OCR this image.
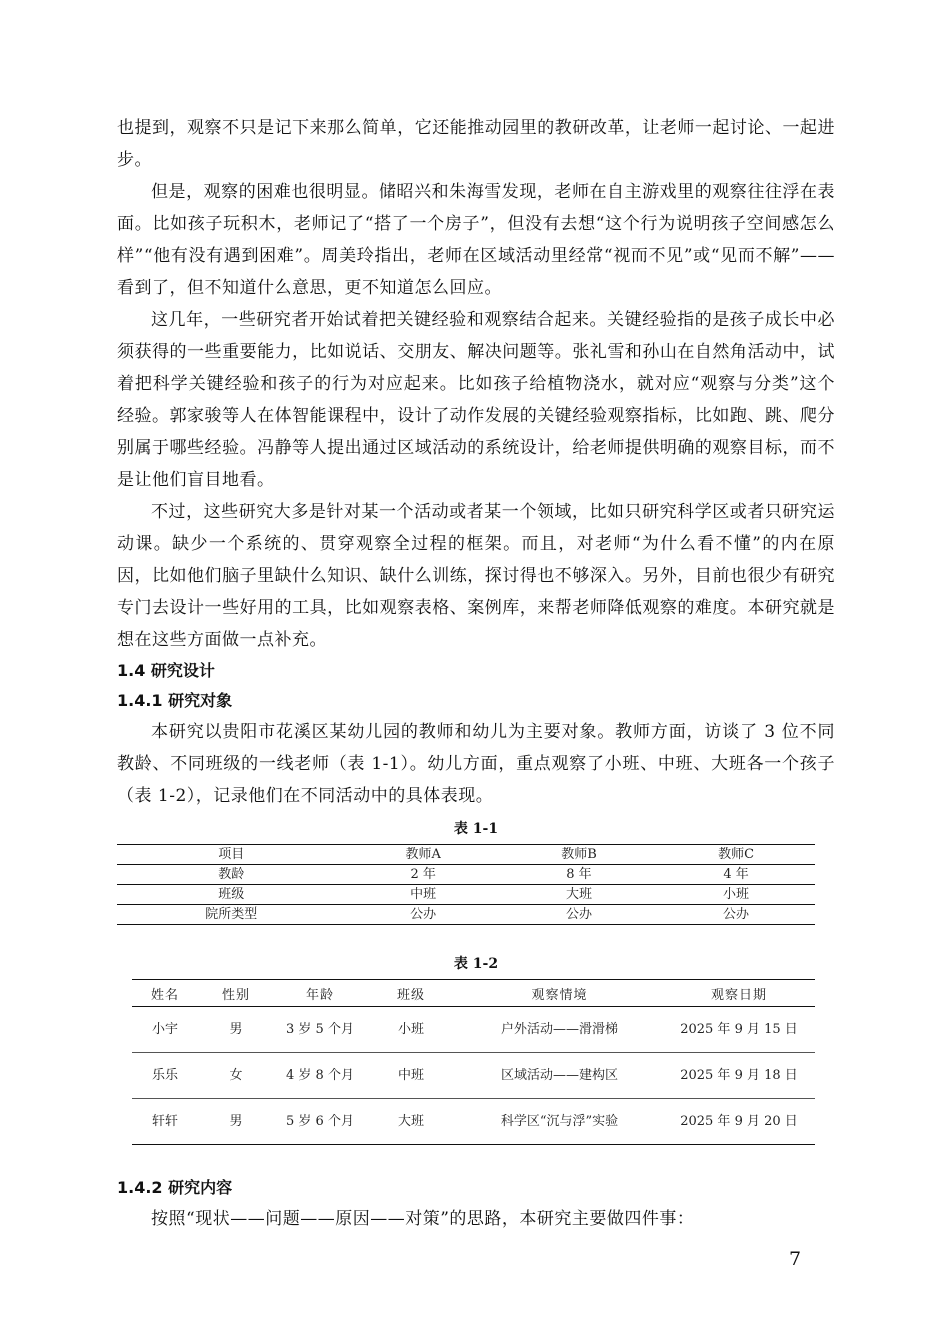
也提到，观察不只是记下来那么简单，它还能推动园里的教研改革，让老师一起讨论、一起进步。

但是，观察的困难也很明显。储昭兴和朱海雪发现，老师在自主游戏里的观察往往浮在表面。比如孩子玩积木，老师记了“搭了一个房子”，但没有去想“这个行为说明孩子空间感怎么样”“他有没有遇到困难”。周美玲指出，老师在区域活动里经常“视而不见”或“见而不解”——看到了，但不知道什么意思，更不知道怎么回应。

这几年，一些研究者开始试着把关键经验和观察结合起来。关键经验指的是孩子成长中必须获得的一些重要能力，比如说话、交朋友、解决问题等。张礼雪和孙山在自然角活动中，试着把科学关键经验和孩子的行为对应起来。比如孩子给植物浇水，就对应“观察与分类”这个经验。郭家骏等人在体智能课程中，设计了动作发展的关键经验观察指标，比如跑、跳、爬分别属于哪些经验。冯静等人提出通过区域活动的系统设计，给老师提供明确的观察目标，而不是让他们盲目地看。

不过，这些研究大多是针对某一个活动或者某一个领域，比如只研究科学区或者只研究运动课。缺少一个系统的、贯穿观察全过程的框架。而且，对老师“为什么看不懂”的内在原因，比如他们脑子里缺什么知识、缺什么训练，探讨得也不够深入。另外，目前也很少有研究专门去设计一些好用的工具，比如观察表格、案例库，来帮老师降低观察的难度。本研究就是想在这些方面做一点补充。

1.4 研究设计
1.4.1 研究对象

本研究以贵阳市花溪区某幼儿园的教师和幼儿为主要对象。教师方面，访谈了 3 位不同教龄、不同班级的一线老师（表 1-1）。幼儿方面，重点观察了小班、中班、大班各一个孩子（表 1-2），记录他们在不同活动中的具体表现。

表 1-1
项目	教师A	教师B	教师C
教龄	2 年	8 年	4 年
班级	中班	大班	小班
院所类型	公办	公办	公办
表 1-2
姓名	性别	年龄	班级	观察情境	观察日期
小宇	男	3 岁 5 个月	小班	户外活动——滑滑梯	2025 年 9 月 15 日
乐乐	女	4 岁 8 个月	中班	区域活动——建构区	2025 年 9 月 18 日
轩轩	男	5 岁 6 个月	大班	科学区“沉与浮”实验	2025 年 9 月 20 日
1.4.2 研究内容

按照“现状——问题——原因——对策”的思路，本研究主要做四件事：

7
